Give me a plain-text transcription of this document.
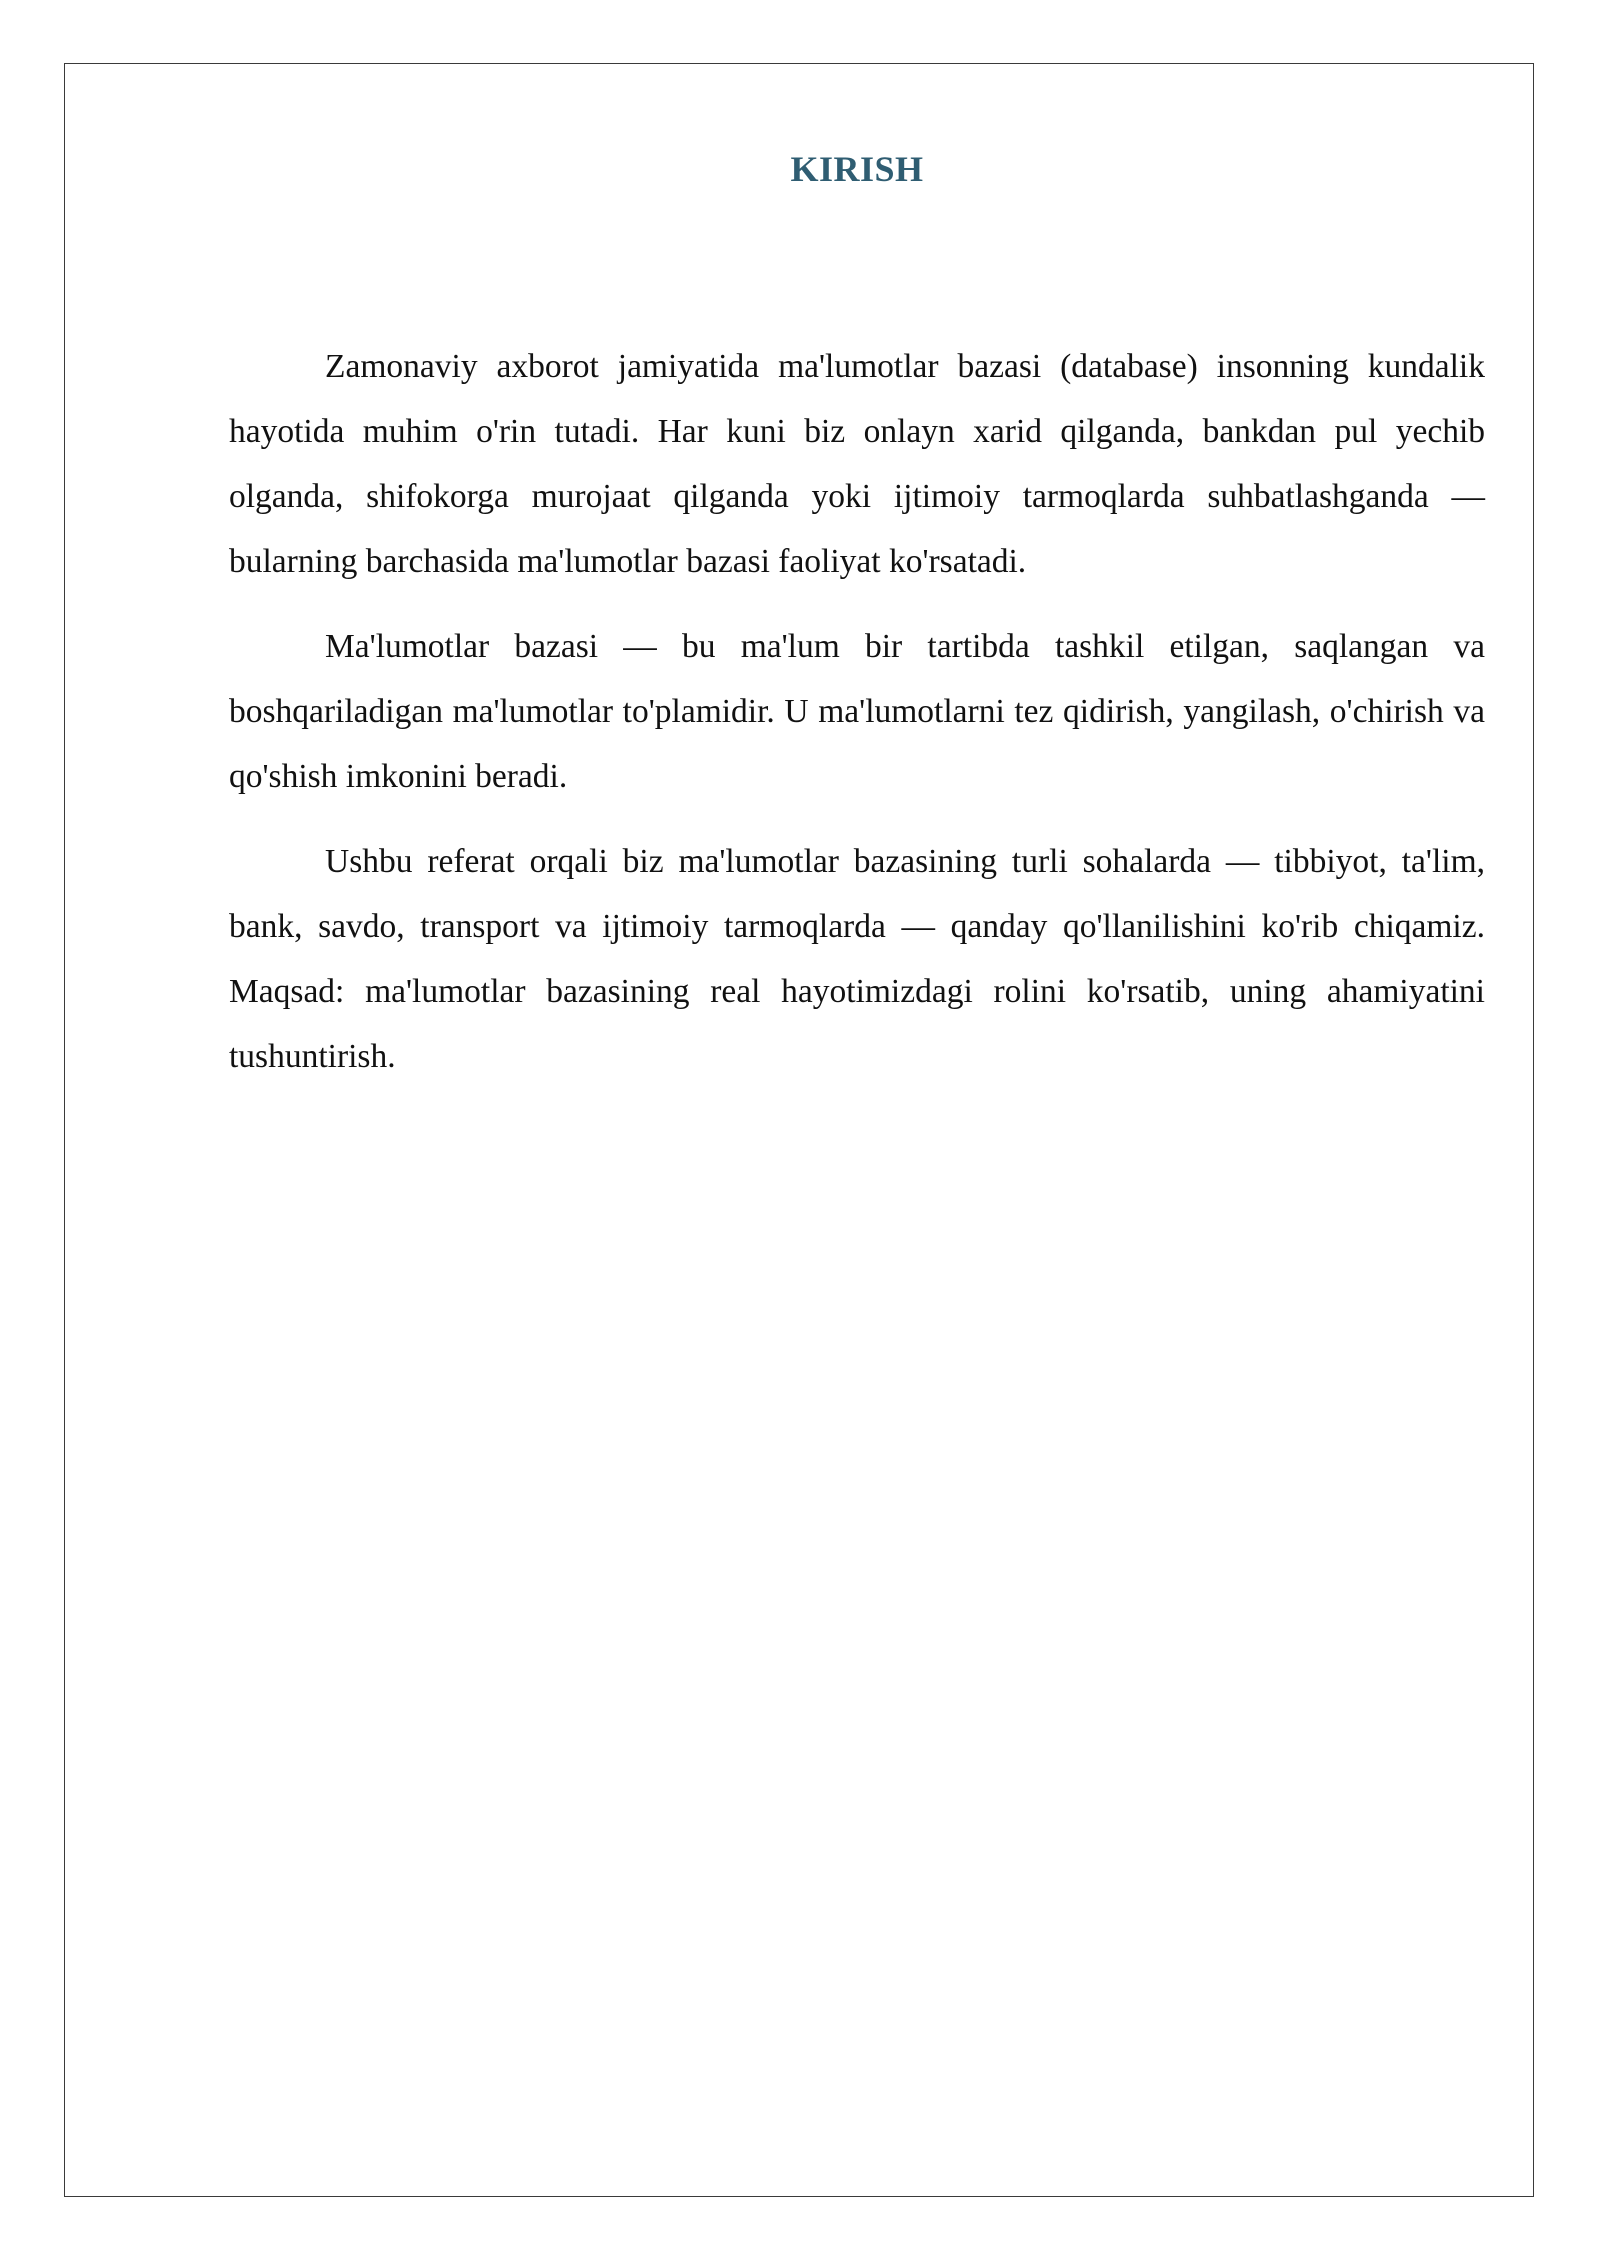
KIRISH

Zamonaviy axborot jamiyatida ma'lumotlar bazasi (database) insonning kundalik hayotida muhim o'rin tutadi. Har kuni biz onlayn xarid qilganda, bankdan pul yechib olganda, shifokorga murojaat qilganda yoki ijtimoiy tarmoqlarda suhbatlashganda — bularning barchasida ma'lumotlar bazasi faoliyat ko'rsatadi.

Ma'lumotlar bazasi — bu ma'lum bir tartibda tashkil etilgan, saqlangan va boshqariladigan ma'lumotlar to'plamidir. U ma'lumotlarni tez qidirish, yangilash, o'chirish va qo'shish imkonini beradi.

Ushbu referat orqali biz ma'lumotlar bazasining turli sohalarda — tibbiyot, ta'lim, bank, savdo, transport va ijtimoiy tarmoqlarda — qanday qo'llanilishini ko'rib chiqamiz. Maqsad: ma'lumotlar bazasining real hayotimizdagi rolini ko'rsatib, uning ahamiyatini tushuntirish.
